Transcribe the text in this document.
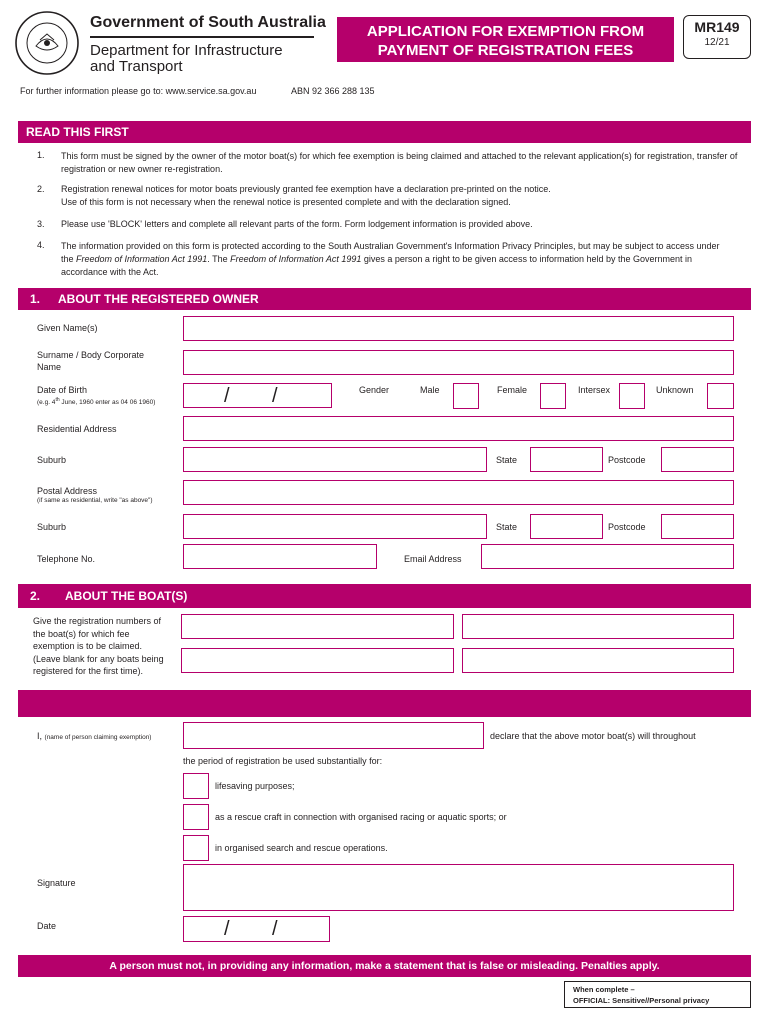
Government of South Australia
Department for Infrastructure
and Transport
APPLICATION FOR EXEMPTION FROM
PAYMENT OF REGISTRATION FEES
MR149
12/21
For further information please go to: www.service.sa.gov.au	ABN 92 366 288 135
READ THIS FIRST
1. This form must be signed by the owner of the motor boat(s) for which fee exemption is being claimed and attached to the relevant application(s) for registration, transfer of registration or new owner re-registration.
2. Registration renewal notices for motor boats previously granted fee exemption have a declaration pre-printed on the notice.
Use of this form is not necessary when the renewal notice is presented complete and with the declaration signed.
3. Please use 'BLOCK' letters and complete all relevant parts of the form. Form lodgement information is provided above.
4. The information provided on this form is protected according to the South Australian Government's Information Privacy Principles, but may be subject to access under the Freedom of Information Act 1991. The Freedom of Information Act 1991 gives a person a right to be given access to information held by the Government in accordance with the Act.
1. ABOUT THE REGISTERED OWNER
Given Name(s)
Surname / Body Corporate
Name
Date of Birth
(e.g. 4th June, 1960 enter as 04 06 1960)	/ /	Gender	Male	Female	Intersex	Unknown
Residential Address
Suburb	State	Postcode
Postal Address
(if same as residential, write "as above")
Suburb	State	Postcode
Telephone No.	Email Address
2. ABOUT THE BOAT(S)
Give the registration numbers of
the boat(s) for which fee
exemption is to be claimed.
(Leave blank for any boats being
registered for the first time).
I, (name of person claiming exemption)	declare that the above motor boat(s) will throughout
the period of registration be used substantially for:
lifesaving purposes;
as a rescue craft in connection with organised racing or aquatic sports; or
in organised search and rescue operations.
Signature
Date	/ /
A person must not, in providing any information, make a statement that is false or misleading. Penalties apply.
When complete –
OFFICIAL: Sensitive//Personal privacy
